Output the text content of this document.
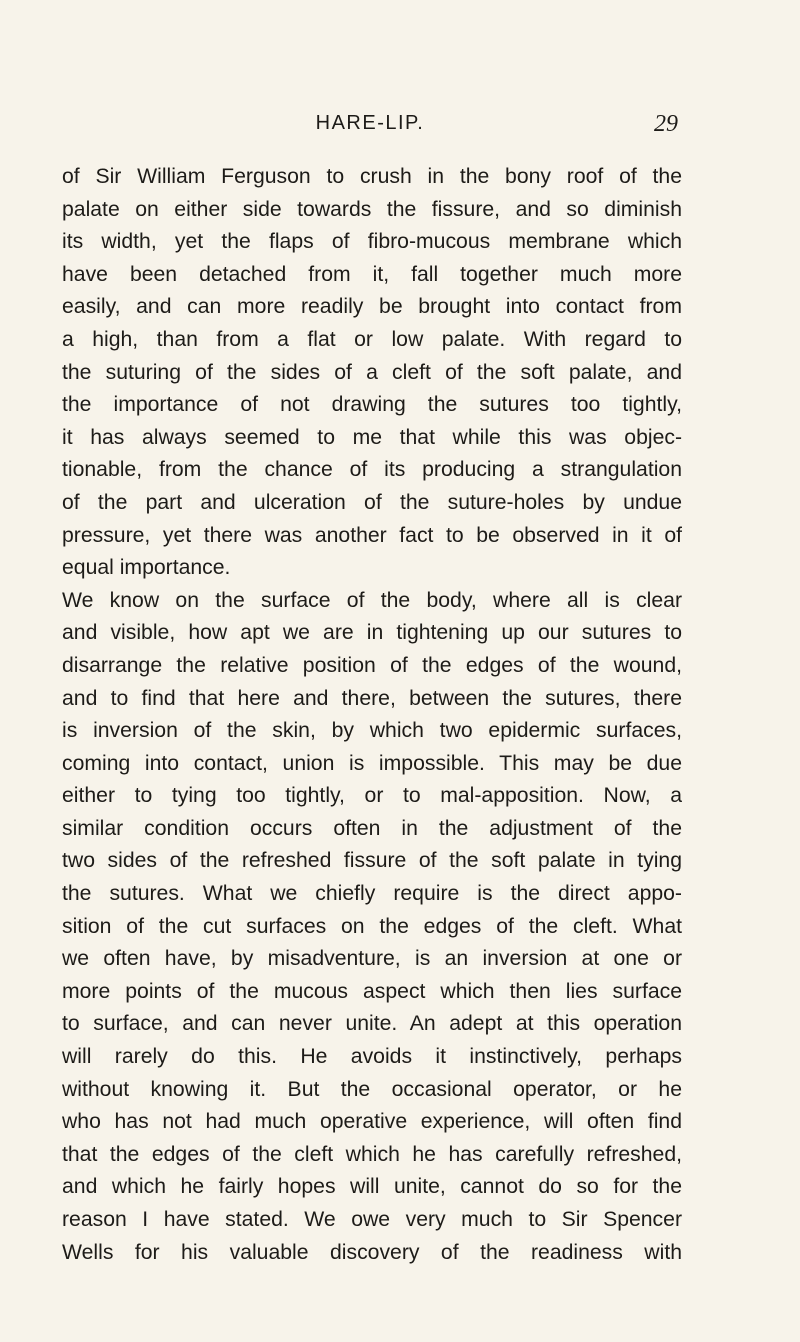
HARE-LIP.	29
of Sir William Ferguson to crush in the bony roof of the
palate on either side towards the fissure, and so diminish
its width, yet the flaps of fibro-mucous membrane which
have been detached from it, fall together much more
easily, and can more readily be brought into contact from
a high, than from a flat or low palate. With regard to
the suturing of the sides of a cleft of the soft palate, and
the importance of not drawing the sutures too tightly,
it has always seemed to me that while this was objec-
tionable, from the chance of its producing a strangulation
of the part and ulceration of the suture-holes by undue
pressure, yet there was another fact to be observed in it of
equal importance.
We know on the surface of the body, where all is clear
and visible, how apt we are in tightening up our sutures to
disarrange the relative position of the edges of the wound,
and to find that here and there, between the sutures, there
is inversion of the skin, by which two epidermic surfaces,
coming into contact, union is impossible. This may be due
either to tying too tightly, or to mal-apposition. Now, a
similar condition occurs often in the adjustment of the
two sides of the refreshed fissure of the soft palate in tying
the sutures. What we chiefly require is the direct appo-
sition of the cut surfaces on the edges of the cleft. What
we often have, by misadventure, is an inversion at one or
more points of the mucous aspect which then lies surface
to surface, and can never unite. An adept at this operation
will rarely do this. He avoids it instinctively, perhaps
without knowing it. But the occasional operator, or he
who has not had much operative experience, will often find
that the edges of the cleft which he has carefully refreshed,
and which he fairly hopes will unite, cannot do so for the
reason I have stated. We owe very much to Sir Spencer
Wells for his valuable discovery of the readiness with
